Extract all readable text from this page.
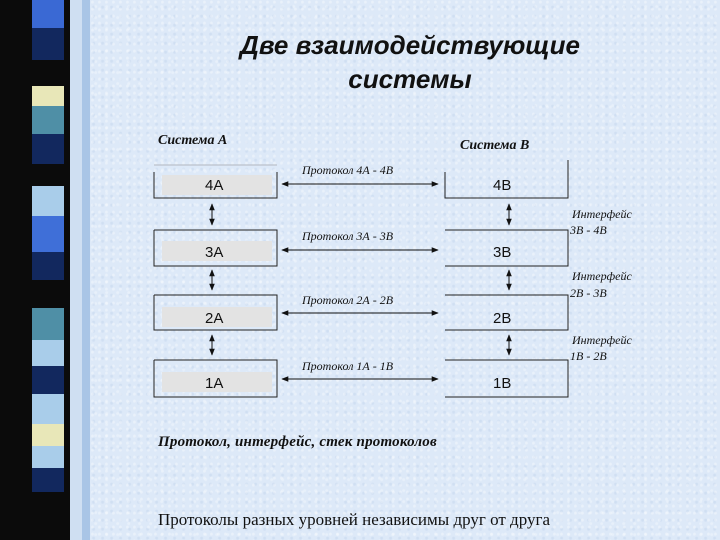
Две взаимодействующие
системы
Система А	Система В
4A
3A
2A
1A
4B
3B
2B
1B
Протокол 4А - 4В
Протокол 3А - 3В
Протокол 2А - 2В
Протокол 1А - 1В
Интерфейс
3В - 4В
Интерфейс
2В - 3В
Интерфейс
1В - 2В
Протокол, интерфейс, стек протоколов
Протоколы разных уровней независимы друг от друга
